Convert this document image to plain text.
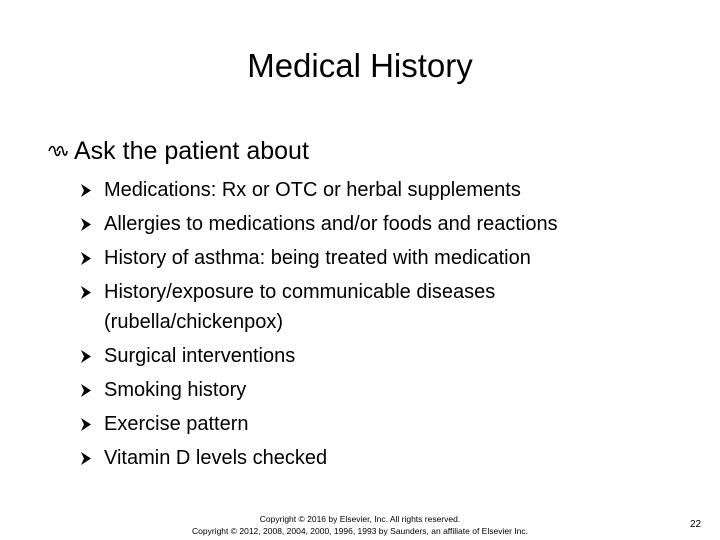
Medical History
Ask the patient about
Medications: Rx or OTC or herbal supplements
Allergies to medications and/or foods and reactions
History of asthma: being treated with medication
History/exposure to communicable diseases (rubella/chickenpox)
Surgical interventions
Smoking history
Exercise pattern
Vitamin D levels checked
Copyright © 2016 by Elsevier, Inc. All rights reserved.
Copyright © 2012, 2008, 2004, 2000, 1996, 1993 by Saunders, an affiliate of Elsevier Inc.
22
